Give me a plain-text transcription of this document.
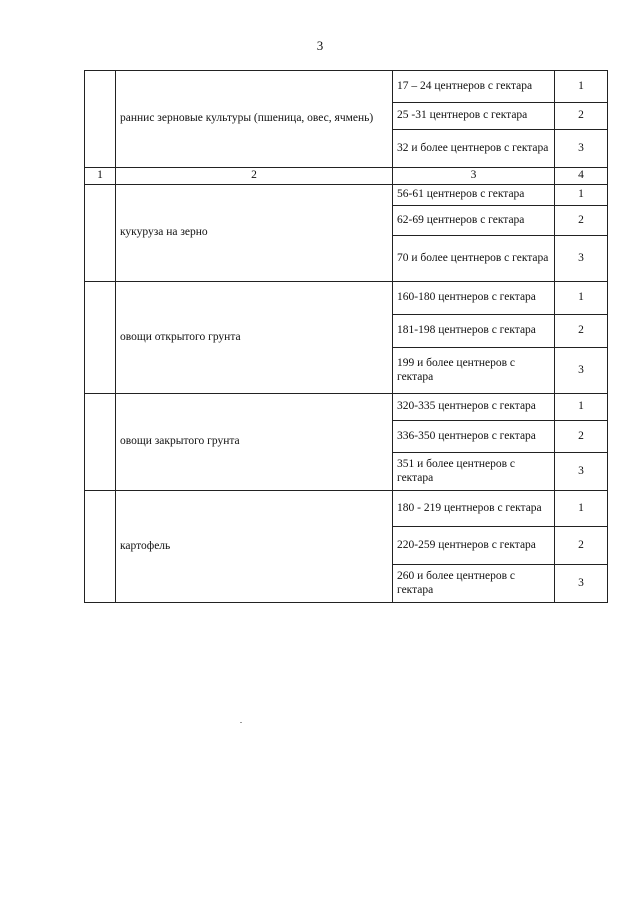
3
	раннис зерновые культуры (пшеница, овес, ячмень)	17 – 24 центнеров с гектара	1
		25 -31 центнеров с гектара	2
		32 и более центнеров с гектара	3
1	2	3	4
	кукуруза на зерно	56-61 центнеров с гектара	1
		62-69 центнеров с гектара	2
		70 и более центнеров с гектара	3
	овощи открытого грунта	160-180 центнеров с гектара	1
		181-198 центнеров с гектара	2
		199 и более центнеров с гектара	3
	овощи закрытого грунта	320-335 центнеров с гектара	1
		336-350 центнеров с гектара	2
		351 и более центнеров с гектара	3
	картофель	180 - 219 центнеров с гектара	1
		220-259 центнеров с гектара	2
		260 и более центнеров с гектара	3
